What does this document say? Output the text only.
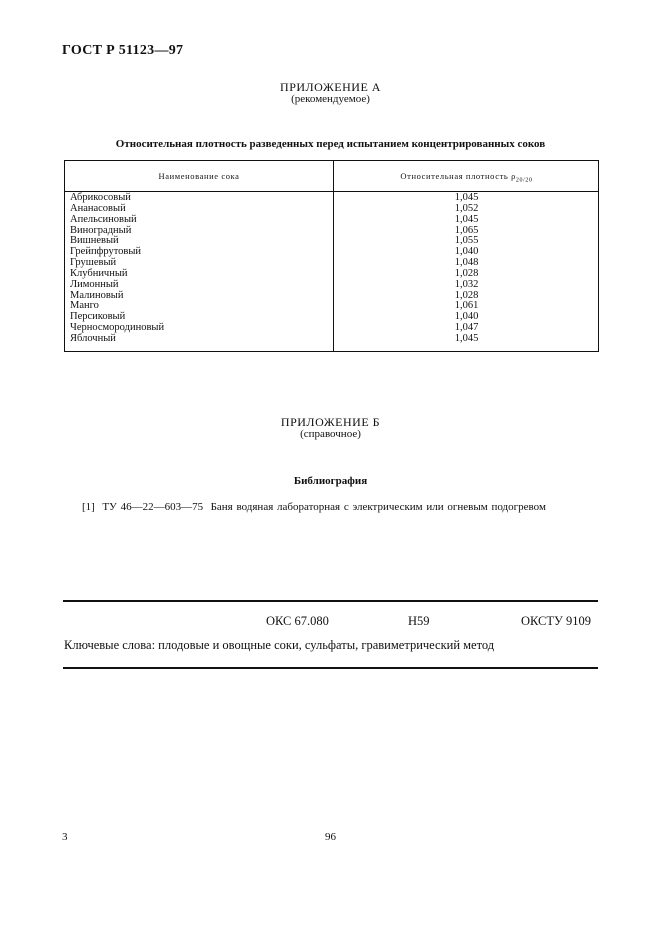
ГОСТ Р 51123—97
ПРИЛОЖЕНИЕ А
(рекомендуемое)
Относительная плотность разведенных перед испытанием концентрированных соков
Наименование сока	Относительная плотность $\rho_{20/20}$
Абрикосовый	1,045
Ананасовый	1,052
Апельсиновый	1,045
Виноградный	1,065
Вишневый	1,055
Грейпфрутовый	1,040
Грушевый	1,048
Клубничный	1,028
Лимонный	1,032
Малиновый	1,028
Манго	1,061
Персиковый	1,040
Черносмородиновый	1,047
Яблочный	1,045
ПРИЛОЖЕНИЕ Б
(справочное)
Библиография
[1]  ТУ 46—22—603—75  Баня водяная лабораторная с электрическим или огневым подогревом
ОКС 67.080	Н59	ОКСТУ 9109
Ключевые слова: плодовые и овощные соки, сульфаты, гравиметрический метод
3	96
